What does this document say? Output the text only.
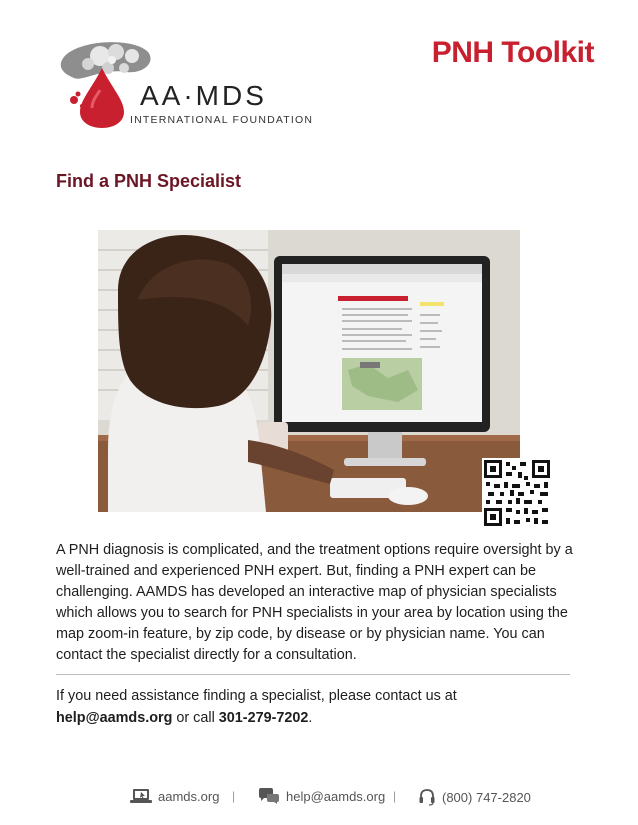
AA·MDS
INTERNATIONAL FOUNDATION
PNH Toolkit
Find a PNH Specialist
A PNH diagnosis is complicated, and the treatment options require oversight by a well-trained and experienced PNH expert. But, finding a PNH expert can be challenging. AAMDS has developed an interactive map of physician specialists which allows you to search for PNH specialists in your area by location using the map zoom-in feature, by zip code, by disease or by physician name. You can contact the specialist directly for a consultation.
If you need assistance finding a specialist, please contact us at
help@aamds.org or call 301-279-7202.
aamds.org |	help@aamds.org |	(800) 747-2820
